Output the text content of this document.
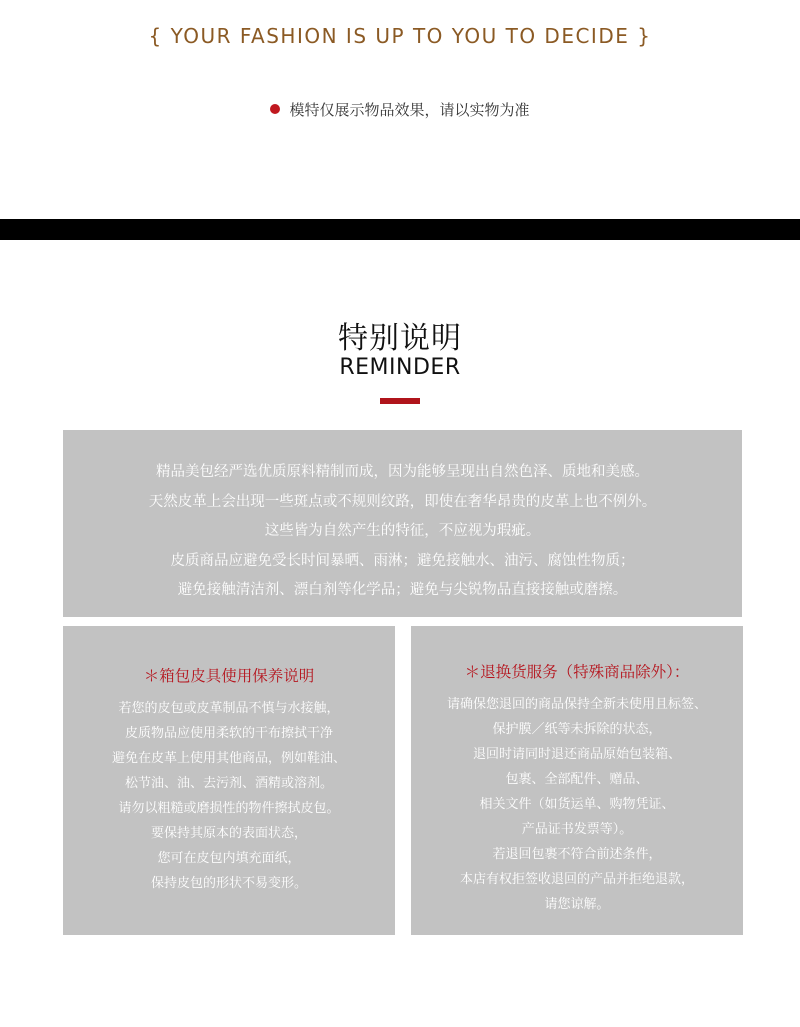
{ YOUR FASHION IS UP TO YOU TO DECIDE }
模特仅展示物品效果，请以实物为准
特别说明
REMINDER
精品美包经严选优质原料精制而成，因为能够呈现出自然色泽、质地和美感。
天然皮革上会出现一些斑点或不规则纹路，即使在奢华昂贵的皮革上也不例外。
这些皆为自然产生的特征，不应视为瑕疵。
皮质商品应避免受长时间暴晒、雨淋；避免接触水、油污、腐蚀性物质；
避免接触清洁剂、漂白剂等化学品；避免与尖锐物品直接接触或磨擦。
＊箱包皮具使用保养说明
若您的皮包或皮革制品不慎与水接触，
皮质物品应使用柔软的干布擦拭干净
避免在皮革上使用其他商品，例如鞋油、
松节油、油、去污剂、酒精或溶剂。
请勿以粗糙或磨损性的物件擦拭皮包。
要保持其原本的表面状态，
您可在皮包内填充面纸，
保持皮包的形状不易变形。
＊退换货服务（特殊商品除外）：
请确保您退回的商品保持全新未使用且标签、
保护膜／纸等未拆除的状态，
退回时请同时退还商品原始包装箱、
包裹、全部配件、赠品、
相关文件（如货运单、购物凭证、
产品证书发票等）。
若退回包裹不符合前述条件，
本店有权拒签收退回的产品并拒绝退款，
请您谅解。
